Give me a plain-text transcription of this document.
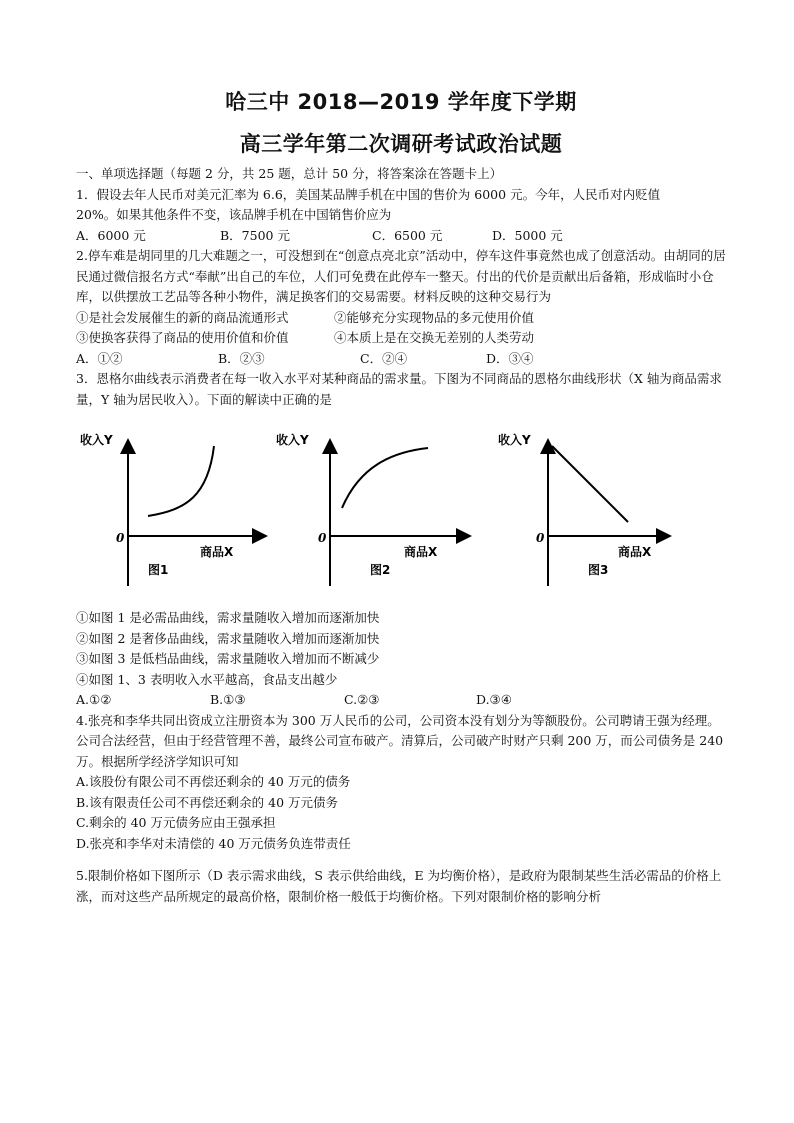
哈三中 2018—2019 学年度下学期
高三学年第二次调研考试政治试题
一、单项选择题（每题 2 分，共 25 题，总计 50 分，将答案涂在答题卡上）
1．假设去年人民币对美元汇率为 6.6，美国某品牌手机在中国的售价为 6000 元。今年，人民币对内贬值
20%。如果其他条件不变，该品牌手机在中国销售价应为
A．6000 元	B．7500 元	C．6500 元	D．5000 元
2.停车难是胡同里的几大难题之一，可没想到在“创意点亮北京”活动中，停车这件事竟然也成了创意活动。由胡同的居民通过微信报名方式“奉献”出自己的车位，人们可免费在此停车一整天。付出的代价是贡献出后备箱，形成临时小仓库，以供摆放工艺品等各种小物件，满足换客们的交易需要。材料反映的这种交易行为
①是社会发展催生的新的商品流通形式	②能够充分实现物品的多元使用价值
③使换客获得了商品的使用价值和价值	④本质上是在交换无差别的人类劳动
A．①②	B．②③	C．②④	D．③④
3．恩格尔曲线表示消费者在每一收入水平对某种商品的需求量。下图为不同商品的恩格尔曲线形状（X 轴为商品需求量，Y 轴为居民收入）。下面的解读中正确的是
收入Y
0
商品X
图1
收入Y
0
商品X
图2
收入Y
0
商品X
图3
①如图 1 是必需品曲线，需求量随收入增加而逐渐加快
②如图 2 是奢侈品曲线，需求量随收入增加而逐渐加快
③如图 3 是低档品曲线，需求量随收入增加而不断减少
④如图 1、3 表明收入水平越高，食品支出越少
A.①②	B.①③	C.②③	D.③④
4.张亮和李华共同出资成立注册资本为 300 万人民币的公司，公司资本没有划分为等额股份。公司聘请王强为经理。公司合法经营，但由于经营管理不善，最终公司宣布破产。清算后，公司破产时财产只剩 200 万，而公司债务是 240 万。根据所学经济学知识可知
A.该股份有限公司不再偿还剩余的 40 万元的债务
B.该有限责任公司不再偿还剩余的 40 万元债务
C.剩余的 40 万元债务应由王强承担
D.张亮和李华对未清偿的 40 万元债务负连带责任
5.限制价格如下图所示（D 表示需求曲线，S 表示供给曲线，E 为均衡价格），是政府为限制某些生活必需品的价格上涨，而对这些产品所规定的最高价格，限制价格一般低于均衡价格。下列对限制价格的影响分析
